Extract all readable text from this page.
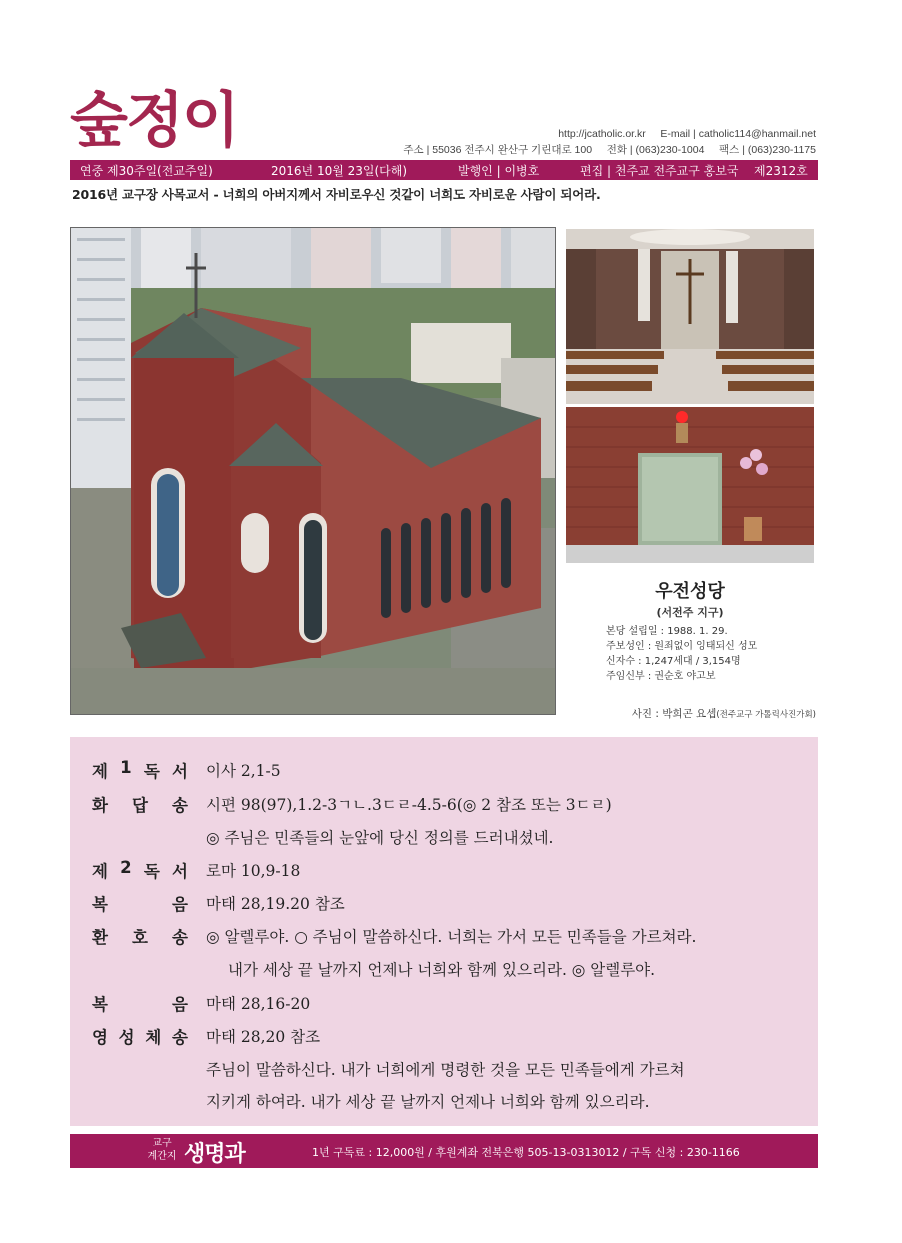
숲정이	http://jcatholic.or.kr E-mail | catholic114@hanmail.net
주소 | 55036 전주시 완산구 기린대로 100 전화 | (063)230-1004 팩스 | (063)230-1175
연중 제30주일(전교주일)	2016년 10월 23일(다해)	발행인 | 이병호	편집 | 천주교 전주교구 홍보국 제2312호
2016년 교구장 사목교서 - 너희의 아버지께서 자비로우신 것같이 너희도 자비로운 사람이 되어라.
우전성당
(서전주 지구)
본당 설립일 : 1988. 1. 29.
주보성인 : 원죄없이 잉태되신 성모
신자수 : 1,247세대 / 3,154명
주임신부 : 권순호 야고보
사진 : 박희곤 요셉(전주교구 가톨릭사진가회)
제 1 독 서 이사 2,1-5
화 답 송 시편 98(97),1.2-3ㄱㄴ.3ㄷㄹ-4.5-6(◎ 2 참조 또는 3ㄷㄹ)
◎ 주님은 민족들의 눈앞에 당신 정의를 드러내셨네.
제 2 독 서 로마 10,9-18
복	음 마태 28,19.20 참조
환 호 송 ◎ 알렐루야. ○ 주님이 말씀하신다. 너희는 가서 모든 민족들을 가르쳐라.
내가 세상 끝 날까지 언제나 너희와 함께 있으리라. ◎ 알렐루야.
복	음 마태 28,16-20
영 성 체 송 마태 28,20 참조
주님이 말씀하신다. 내가 너희에게 명령한 것을 모든 민족들에게 가르쳐
지키게 하여라. 내가 세상 끝 날까지 언제나 너희와 함께 있으리라.
교구
계간지 생명과	1년 구독료 : 12,000원 / 후원계좌 전북은행 505-13-0313012 / 구독 신청 : 230-1166
